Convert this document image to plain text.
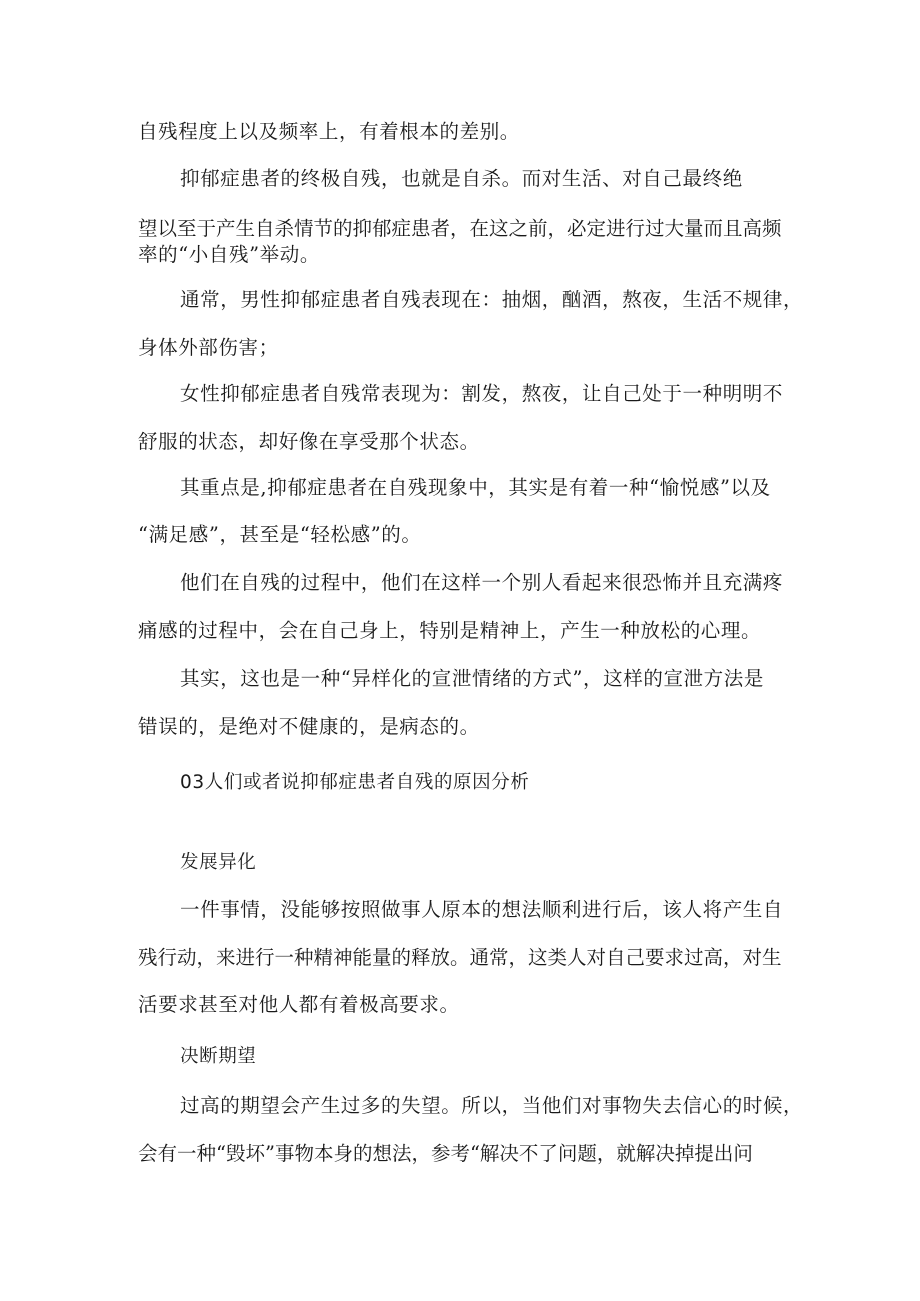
自残程度上以及频率上，有着根本的差别。
抑郁症患者的终极自残，也就是自杀。而对生活、对自己最终绝
望以至于产生自杀情节的抑郁症患者，在这之前，必定进行过大量而且高频
率的“小自残”举动。
通常，男性抑郁症患者自残表现在：抽烟，酗酒，熬夜，生活不规律，
身体外部伤害；
女性抑郁症患者自残常表现为：割发，熬夜，让自己处于一种明明不
舒服的状态，却好像在享受那个状态。
其重点是,抑郁症患者在自残现象中，其实是有着一种“愉悦感”以及
“满足感”，甚至是“轻松感”的。
他们在自残的过程中，他们在这样一个别人看起来很恐怖并且充满疼
痛感的过程中，会在自己身上，特别是精神上，产生一种放松的心理。
其实，这也是一种“异样化的宣泄情绪的方式”，这样的宣泄方法是
错误的，是绝对不健康的，是病态的。
03人们或者说抑郁症患者自残的原因分析
发展异化
一件事情，没能够按照做事人原本的想法顺利进行后，该人将产生自
残行动，来进行一种精神能量的释放。通常，这类人对自己要求过高，对生
活要求甚至对他人都有着极高要求。
决断期望
过高的期望会产生过多的失望。所以，当他们对事物失去信心的时候，
会有一种“毁坏”事物本身的想法，参考“解决不了问题，就解决掉提出问
